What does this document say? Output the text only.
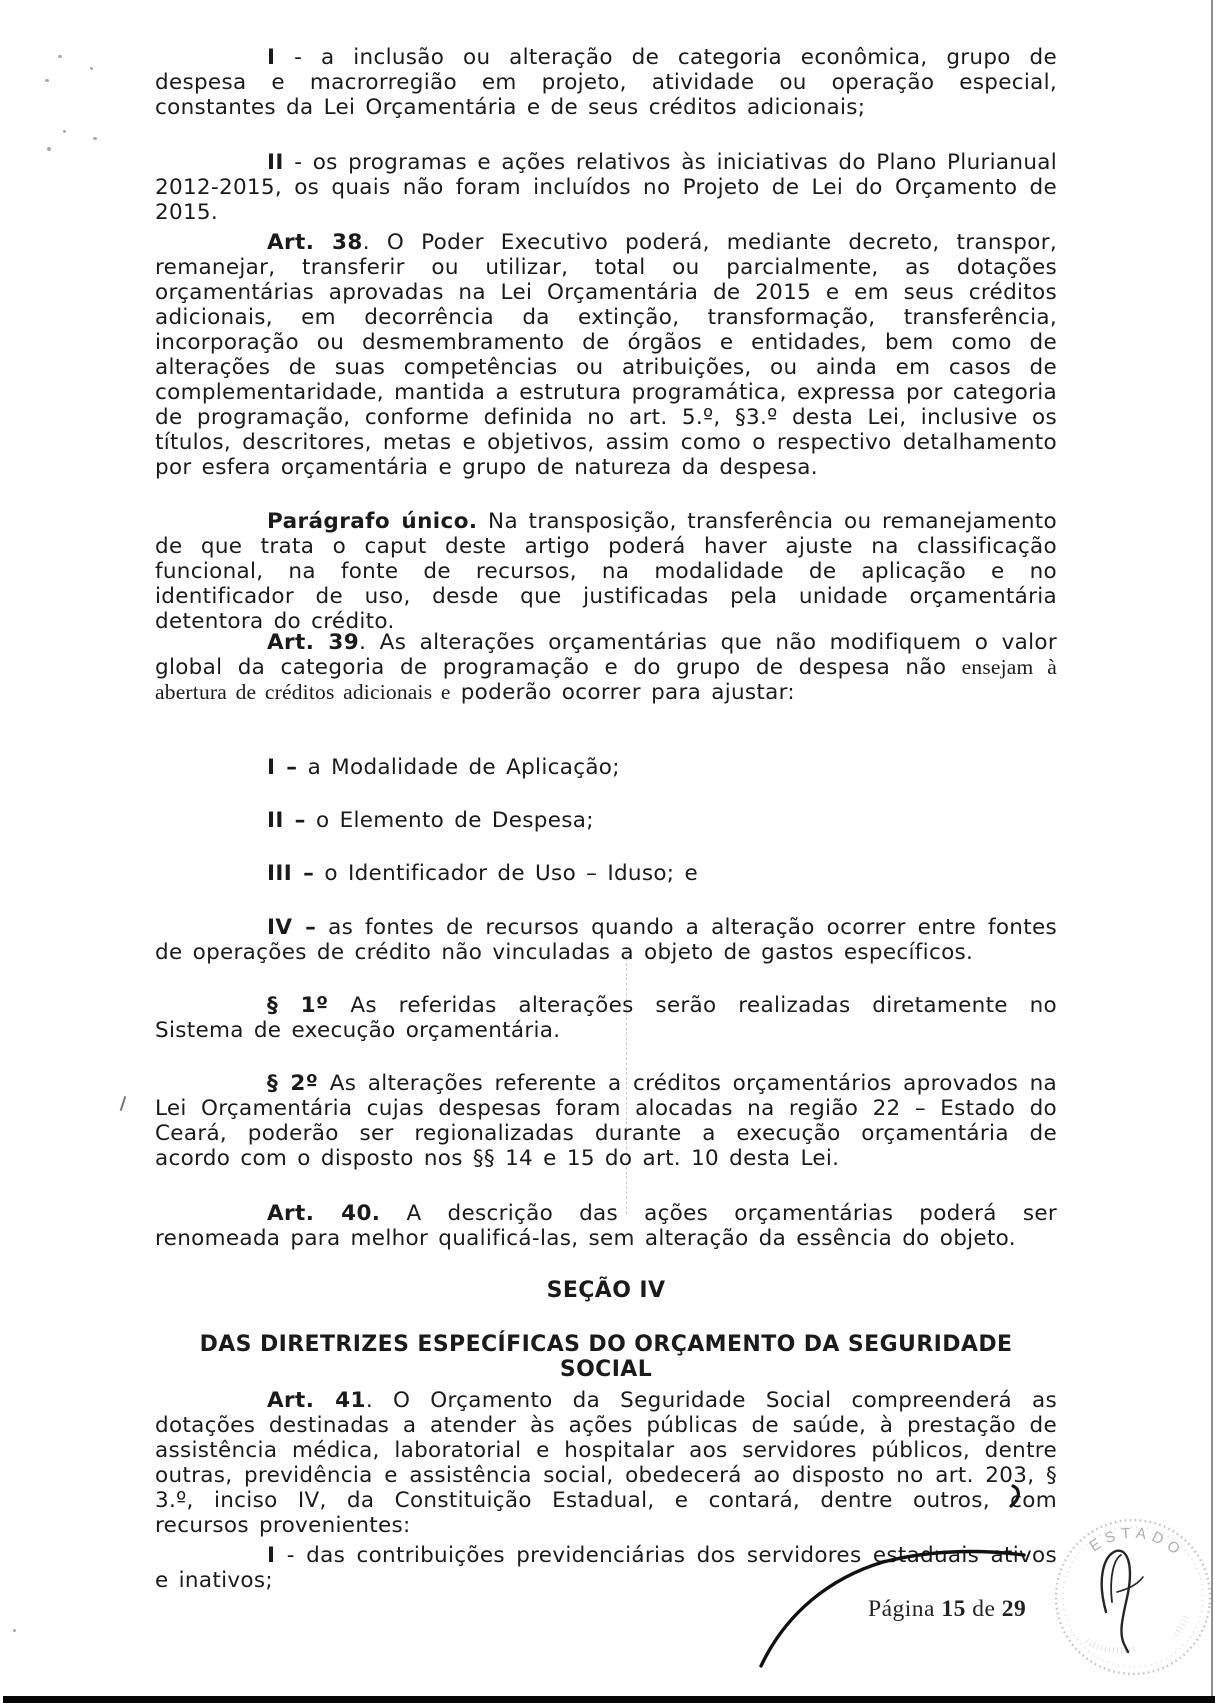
I - a inclusão ou alteração de categoria econômica, grupo de despesa e macrorregião em projeto, atividade ou operação especial, constantes da Lei Orçamentária e de seus créditos adicionais;

II - os programas e ações relativos às iniciativas do Plano Plurianual 2012-2015, os quais não foram incluídos no Projeto de Lei do Orçamento de 2015.

Art. 38. O Poder Executivo poderá, mediante decreto, transpor, remanejar, transferir ou utilizar, total ou parcialmente, as dotações orçamentárias aprovadas na Lei Orçamentária de 2015 e em seus créditos adicionais, em decorrência da extinção, transformação, transferência, incorporação ou desmembramento de órgãos e entidades, bem como de alterações de suas competências ou atribuições, ou ainda em casos de complementaridade, mantida a estrutura programática, expressa por categoria de programação, conforme definida no art. 5.º, §3.º desta Lei, inclusive os títulos, descritores, metas e objetivos, assim como o respectivo detalhamento por esfera orçamentária e grupo de natureza da despesa.

Parágrafo único. Na transposição, transferência ou remanejamento de que trata o caput deste artigo poderá haver ajuste na classificação funcional, na fonte de recursos, na modalidade de aplicação e no identificador de uso, desde que justificadas pela unidade orçamentária detentora do crédito.

Art. 39. As alterações orçamentárias que não modifiquem o valor global da categoria de programação e do grupo de despesa não ensejam à abertura de créditos adicionais e poderão ocorrer para ajustar:

I – a Modalidade de Aplicação;

II – o Elemento de Despesa;

III – o Identificador de Uso – Iduso; e

IV – as fontes de recursos quando a alteração ocorrer entre fontes de operações de crédito não vinculadas a objeto de gastos específicos.

§ 1º As referidas alterações serão realizadas diretamente no Sistema de execução orçamentária.

§ 2º As alterações referente a créditos orçamentários aprovados na Lei Orçamentária cujas despesas foram alocadas na região 22 – Estado do Ceará, poderão ser regionalizadas durante a execução orçamentária de acordo com o disposto nos §§ 14 e 15 do art. 10 desta Lei.

Art. 40. A descrição das ações orçamentárias poderá ser renomeada para melhor qualificá-las, sem alteração da essência do objeto.

SEÇÃO IV
DAS DIRETRIZES ESPECÍFICAS DO ORÇAMENTO DA SEGURIDADE SOCIAL

Art. 41. O Orçamento da Seguridade Social compreenderá as dotações destinadas a atender às ações públicas de saúde, à prestação de assistência médica, laboratorial e hospitalar aos servidores públicos, dentre outras, previdência e assistência social, obedecerá ao disposto no art. 203, § 3.º, inciso IV, da Constituição Estadual, e contará, dentre outros, com recursos provenientes:

I - das contribuições previdenciárias dos servidores estaduais ativos e inativos;

Página 15 de 29
ESTADO
